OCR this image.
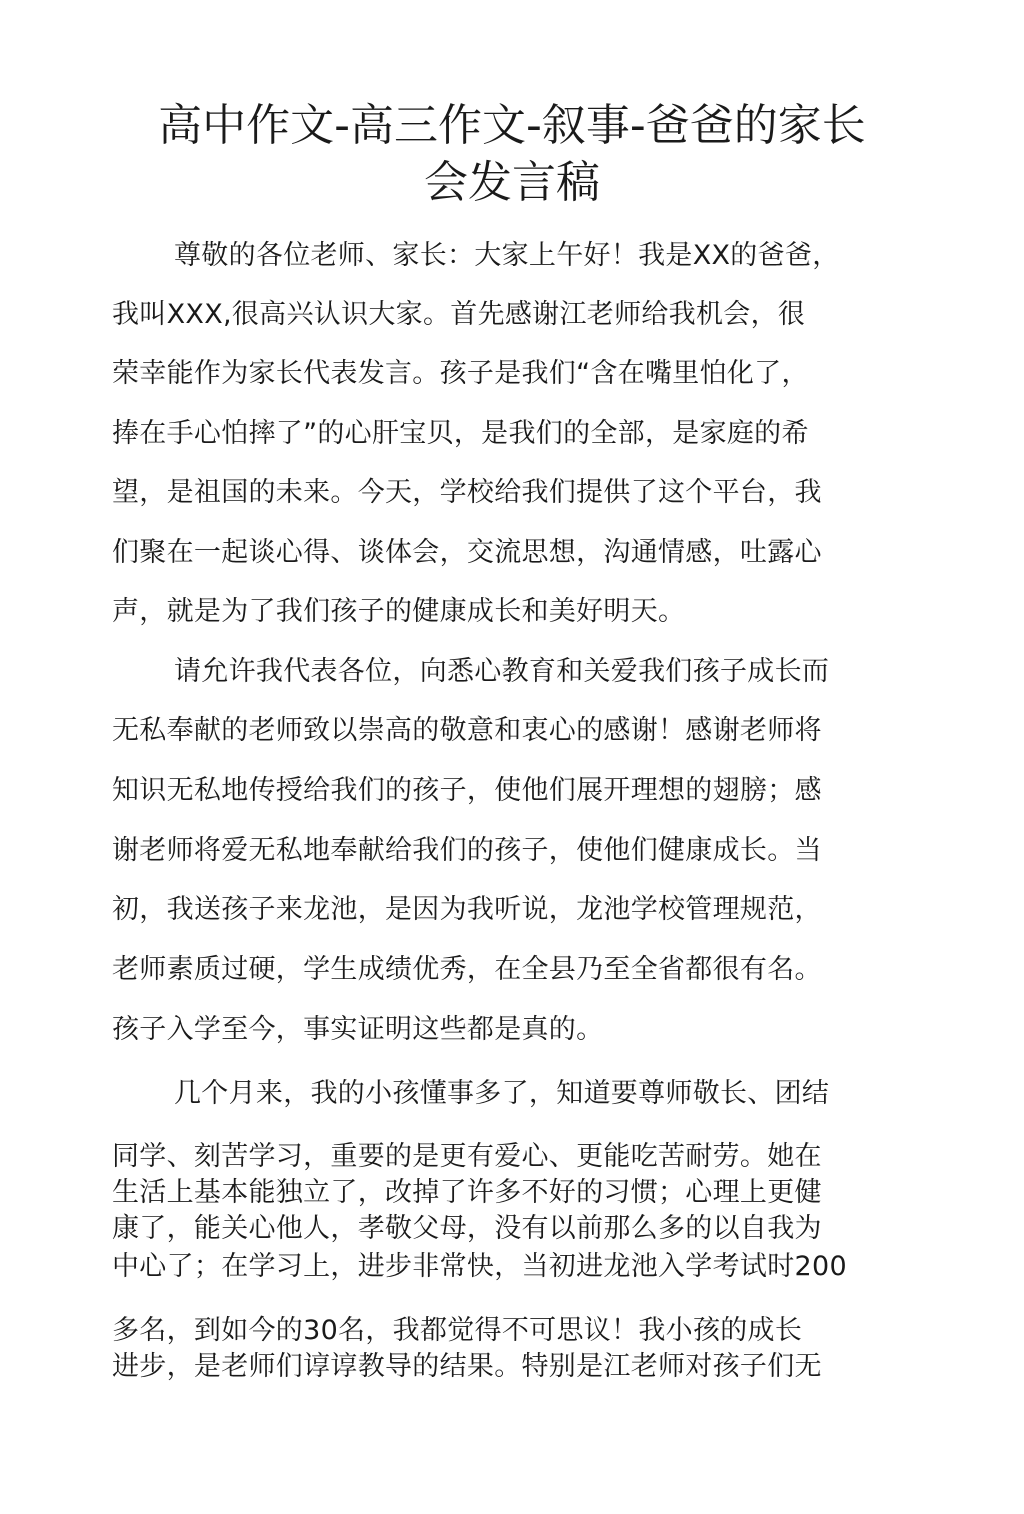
高中作文-高三作文-叙事-爸爸的家长
会发言稿
尊敬的各位老师、家长：大家上午好！我是XX的爸爸，
我叫XXX,很高兴认识大家。首先感谢江老师给我机会，很
荣幸能作为家长代表发言。孩子是我们“含在嘴里怕化了，
捧在手心怕摔了”的心肝宝贝，是我们的全部，是家庭的希
望，是祖国的未来。今天，学校给我们提供了这个平台，我
们聚在一起谈心得、谈体会，交流思想，沟通情感，吐露心
声，就是为了我们孩子的健康成长和美好明天。
请允许我代表各位，向悉心教育和关爱我们孩子成长而
无私奉献的老师致以崇高的敬意和衷心的感谢！感谢老师将
知识无私地传授给我们的孩子，使他们展开理想的翅膀；感
谢老师将爱无私地奉献给我们的孩子，使他们健康成长。当
初，我送孩子来龙池，是因为我听说，龙池学校管理规范，
老师素质过硬，学生成绩优秀，在全县乃至全省都很有名。
孩子入学至今，事实证明这些都是真的。
几个月来，我的小孩懂事多了，知道要尊师敬长、团结
同学、刻苦学习，重要的是更有爱心、更能吃苦耐劳。她在
生活上基本能独立了，改掉了许多不好的习惯；心理上更健
康了，能关心他人，孝敬父母，没有以前那么多的以自我为
中心了；在学习上，进步非常快，当初进龙池入学考试时200
多名，到如今的30名，我都觉得不可思议！我小孩的成长
进步，是老师们谆谆教导的结果。特别是江老师对孩子们无
